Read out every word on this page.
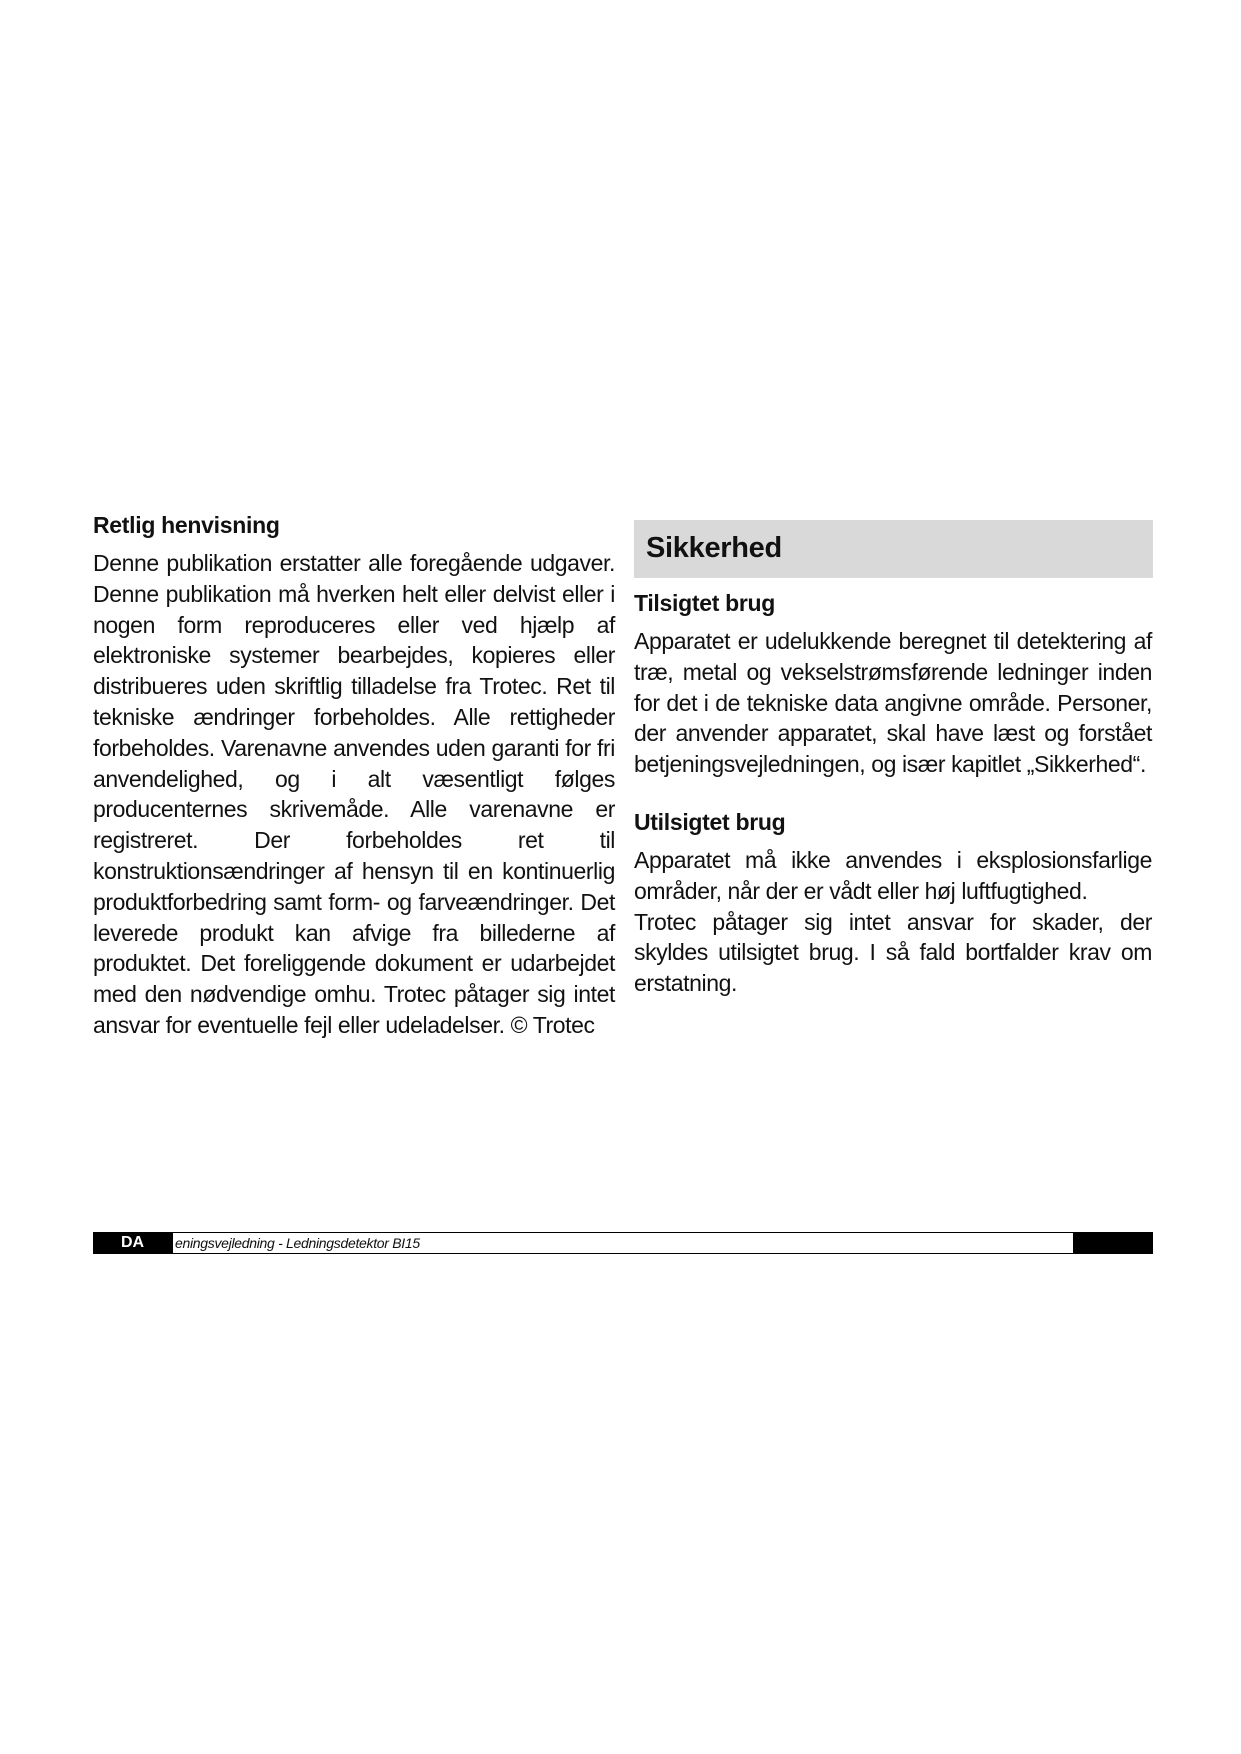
Retlig henvisning

Denne publikation erstatter alle foregående udgaver. Denne publikation må hverken helt eller delvist eller i nogen form reproduceres eller ved hjælp af elektroniske systemer bearbejdes, kopieres eller distribueres uden skriftlig tilladelse fra Trotec. Ret til tekniske ændringer forbeholdes. Alle rettigheder forbeholdes. Varenavne anvendes uden garanti for fri anvendelighed, og i alt væsentligt følges producenternes skrivemåde. Alle varenavne er registreret. Der forbeholdes ret til konstruktionsændringer af hensyn til en kontinuerlig produktforbedring samt form- og farveændringer. Det leverede produkt kan afvige fra billederne af produktet. Det foreliggende dokument er udarbejdet med den nødvendige omhu. Trotec påtager sig intet ansvar for eventuelle fejl eller udeladelser. © Trotec

Sikkerhed
Tilsigtet brug

Apparatet er udelukkende beregnet til detektering af træ, metal og vekselstrømsførende ledninger inden for det i de tekniske data angivne område. Personer, der anvender apparatet, skal have læst og forstået betjeningsvejledningen, og især kapitlet „Sikkerhed“.

Utilsigtet brug

Apparatet må ikke anvendes i eksplosionsfarlige områder, når der er vådt eller høj luftfugtighed.

Trotec påtager sig intet ansvar for skader, der skyldes utilsigtet brug. I så fald bortfalder krav om erstatning.

DA	eningsvejledning - Ledningsdetektor BI15
